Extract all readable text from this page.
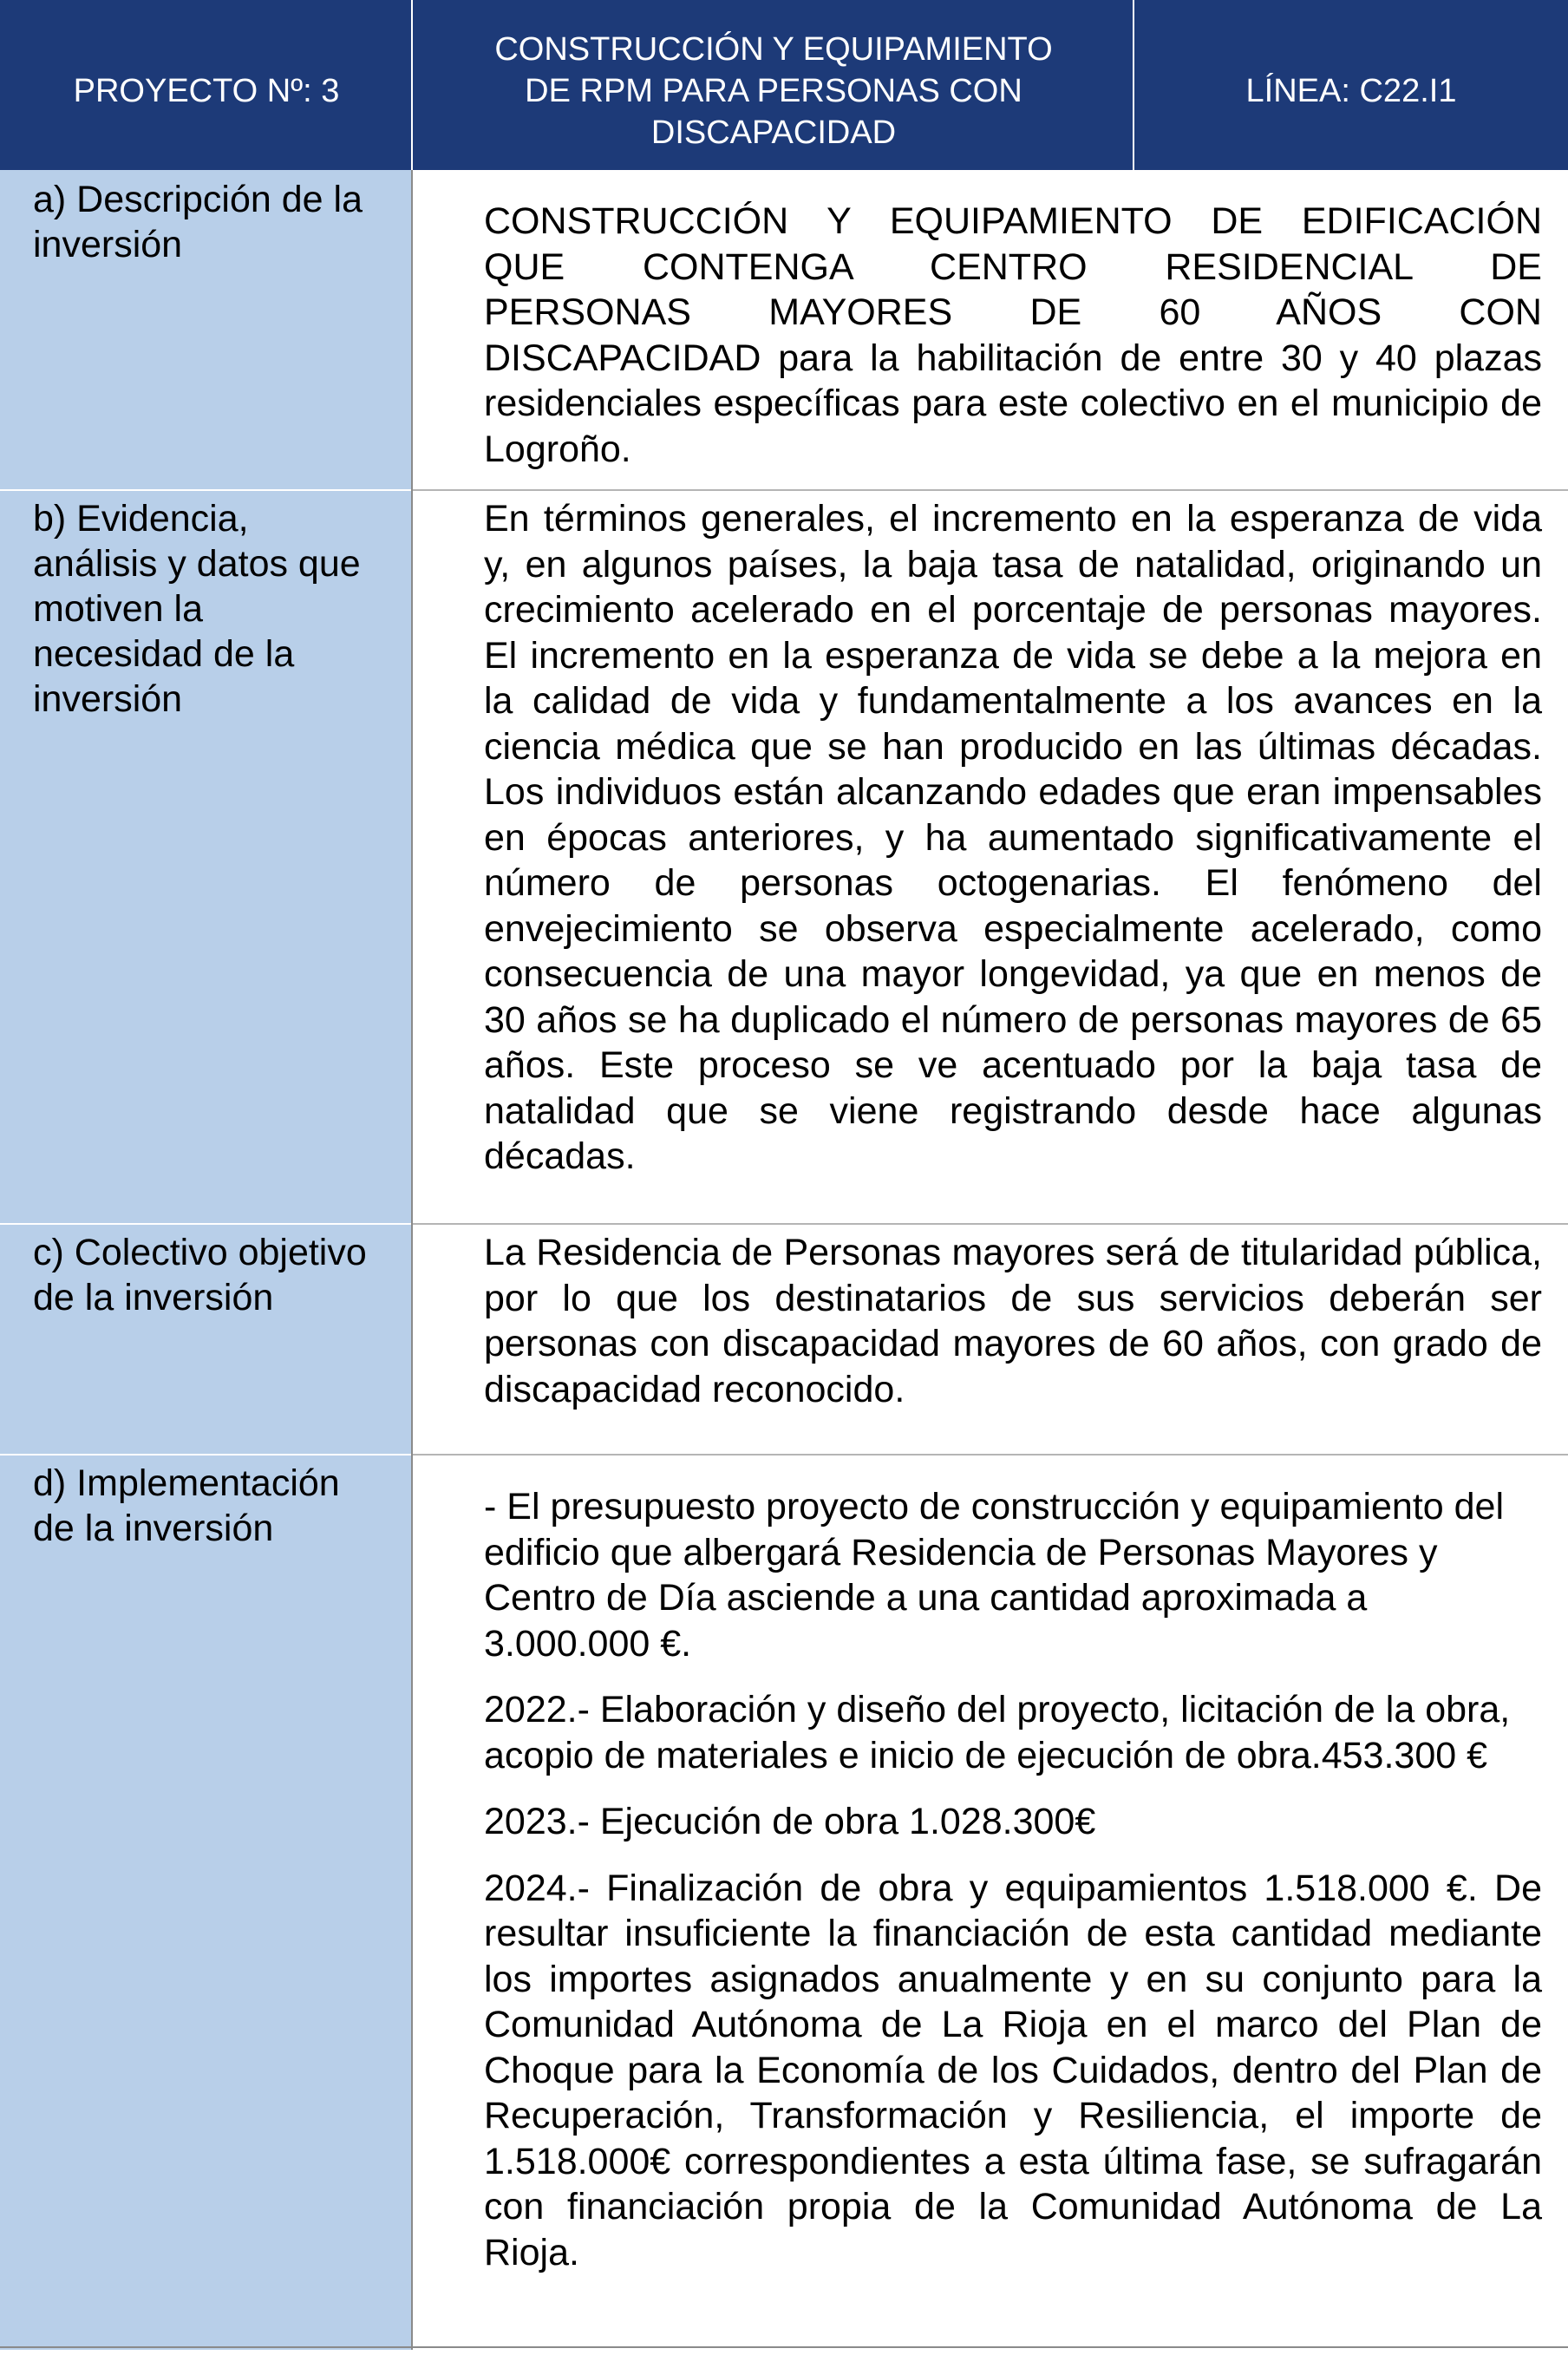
PROYECTO Nº: 3
CONSTRUCCIÓN Y EQUIPAMIENTO
DE RPM PARA PERSONAS CON
DISCAPACIDAD
LÍNEA: C22.I1
a) Descripción de la
inversión
CONSTRUCCIÓN Y EQUIPAMIENTO DE EDIFICACIÓN
QUE CONTENGA CENTRO RESIDENCIAL DE
PERSONAS MAYORES DE 60 AÑOS CON
DISCAPACIDAD para la habilitación de entre 30 y 40 plazas residenciales específicas para este colectivo en el municipio de Logroño.
b) Evidencia,
análisis y datos que
motiven la
necesidad de la
inversión
En términos generales, el incremento en la esperanza de vida y, en algunos países, la baja tasa de natalidad, originando un crecimiento acelerado en el porcentaje de personas mayores. El incremento en la esperanza de vida se debe a la mejora en la calidad de vida y fundamentalmente a los avances en la ciencia médica que se han producido en las últimas décadas. Los individuos están alcanzando edades que eran impensables en épocas anteriores, y ha aumentado significativamente el número de personas octogenarias. El fenómeno del envejecimiento se observa especialmente acelerado, como consecuencia de una mayor longevidad, ya que en menos de 30 años se ha duplicado el número de personas mayores de 65 años. Este proceso se ve acentuado por la baja tasa de natalidad que se viene registrando desde hace algunas décadas.
c) Colectivo objetivo
de la inversión
La Residencia de Personas mayores será de titularidad pública, por lo que los destinatarios de sus servicios deberán ser personas con discapacidad mayores de 60 años, con grado de discapacidad reconocido.
d) Implementación
de la inversión
- El presupuesto proyecto de construcción y equipamiento del edificio que albergará Residencia de Personas Mayores y Centro de Día asciende a una cantidad aproximada a 3.000.000 €.
2022.- Elaboración y diseño del proyecto, licitación de la obra, acopio de materiales e inicio de ejecución de obra.453.300 €
2023.- Ejecución de obra 1.028.300€
2024.- Finalización de obra y equipamientos 1.518.000 €. De resultar insuficiente la financiación de esta cantidad mediante los importes asignados anualmente y en su conjunto para la Comunidad Autónoma de La Rioja en el marco del Plan de Choque para la Economía de los Cuidados, dentro del Plan de Recuperación, Transformación y Resiliencia, el importe de 1.518.000€ correspondientes a esta última fase, se sufragarán con financiación propia de la Comunidad Autónoma de La Rioja.
